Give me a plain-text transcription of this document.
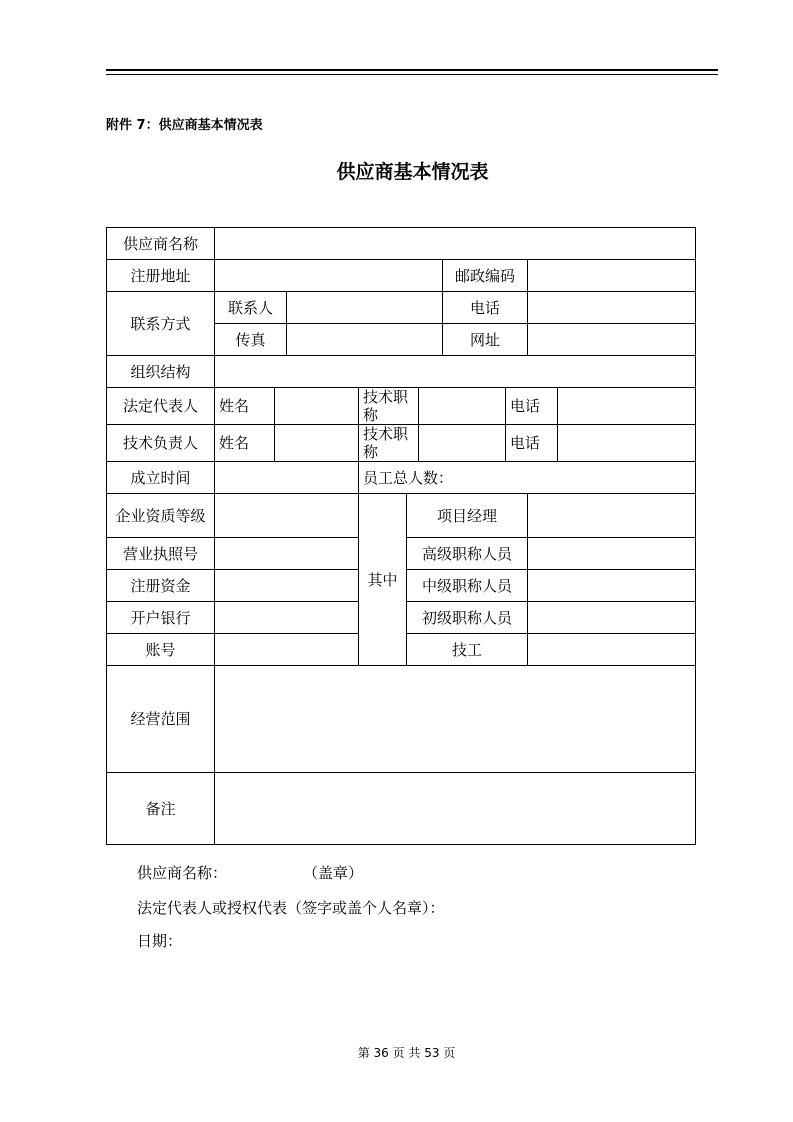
附件 7：供应商基本情况表
供应商基本情况表
供应商名称										
注册地址							邮政编码			
联系方式	联系人						电话			
	传真						网址			
组织结构										
法定代表人	姓名			技术职称				电话		
技术负责人	姓名			技术职称				电话		
成立时间				员工总人数：						
企业资质等级				其中	项目经理					
营业执照号					高级职称人员					
注册资金					中级职称人员					
开户银行					初级职称人员					
账号					技工					
经营范围										
备注										
供应商名称：	（盖章）
法定代表人或授权代表（签字或盖个人名章）：
日期：
第 36 页 共 53 页
